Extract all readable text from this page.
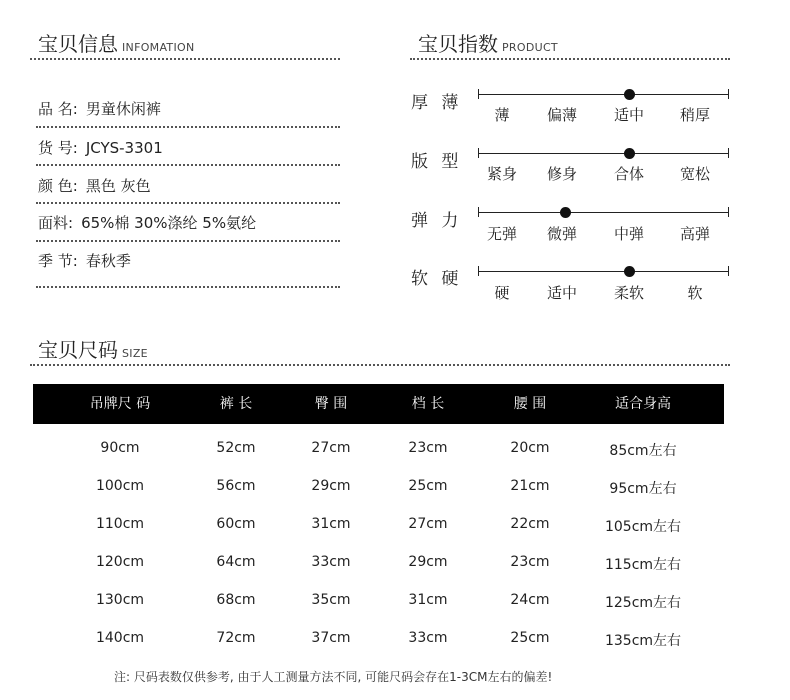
宝贝信息 INFOMATION
品 名: 男童休闲裤
货 号: JCYS-3301
颜 色: 黑色 灰色
面料: 65%棉 30%涤纶 5%氨纶
季 节: 春秋季
宝贝指数 PRODUCT
厚 薄
薄	偏薄	适中	稍厚
版 型
紧身	修身	合体	宽松
弹 力
无弹	微弹	中弹	高弹
软 硬
硬	适中	柔软	软
宝贝尺码 SIZE
吊牌尺 码	裤 长	臀 围	档 长	腰 围	适合身高
90cm	52cm	27cm	23cm	20cm	85cm左右
100cm	56cm	29cm	25cm	21cm	95cm左右
110cm	60cm	31cm	27cm	22cm	105cm左右
120cm	64cm	33cm	29cm	23cm	115cm左右
130cm	68cm	35cm	31cm	24cm	125cm左右
140cm	72cm	37cm	33cm	25cm	135cm左右
注: 尺码表数仅供参考, 由于人工测量方法不同, 可能尺码会存在1-3CM左右的偏差!
